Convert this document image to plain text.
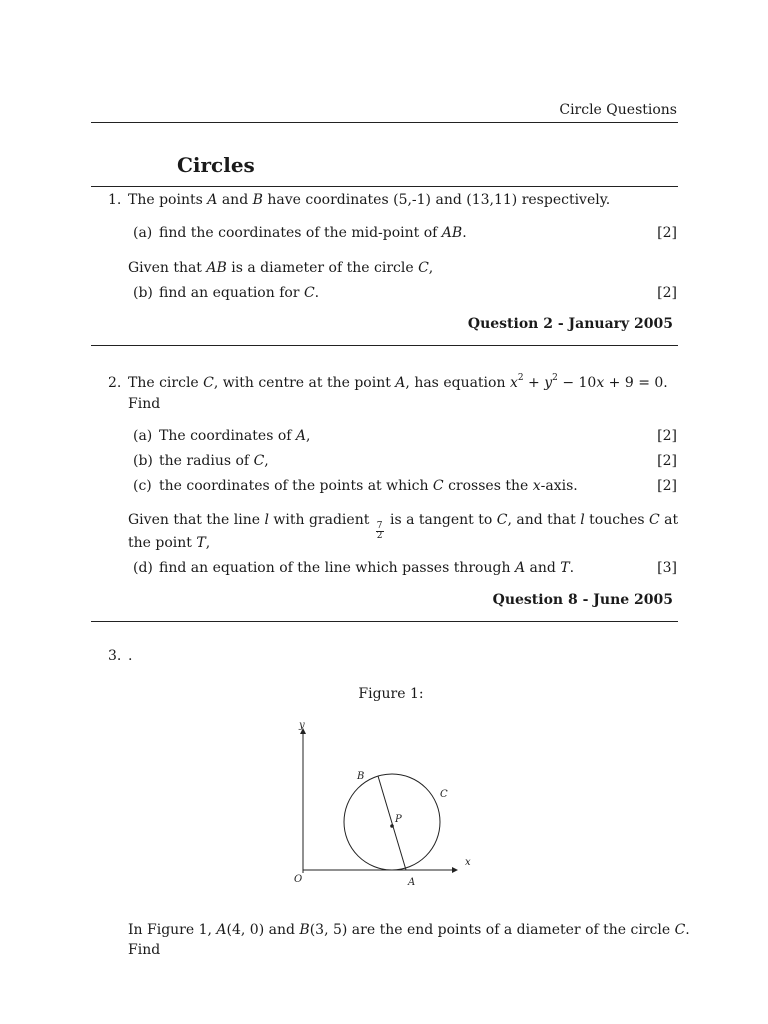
Circle Questions
Circles
1. The points A and B have coordinates (5,-1) and (13,11) respectively.
(a) find the coordinates of the mid-point of AB.	[2]
Given that AB is a diameter of the circle C,
(b) find an equation for C.	[2]
Question 2 - January 2005
2. The circle C, with centre at the point A, has equation $x^2 + y^2 - 10x + 9 = 0$.
Find
(a) The coordinates of A,	[2]
(b) the radius of C,	[2]
(c) the coordinates of the points at which C crosses the x-axis.	[2]
Given that the line l with gradient
$\frac{7}{2}$
is a tangent to C, and that l touches C at
the point T,
(d) find an equation of the line which passes through A and T.	[3]
Question 8 - June 2005
3. .
Figure 1:
y
x
O	A
B
C
P
In Figure 1, A(4, 0) and B(3, 5) are the end points of a diameter of the circle C.
Find
